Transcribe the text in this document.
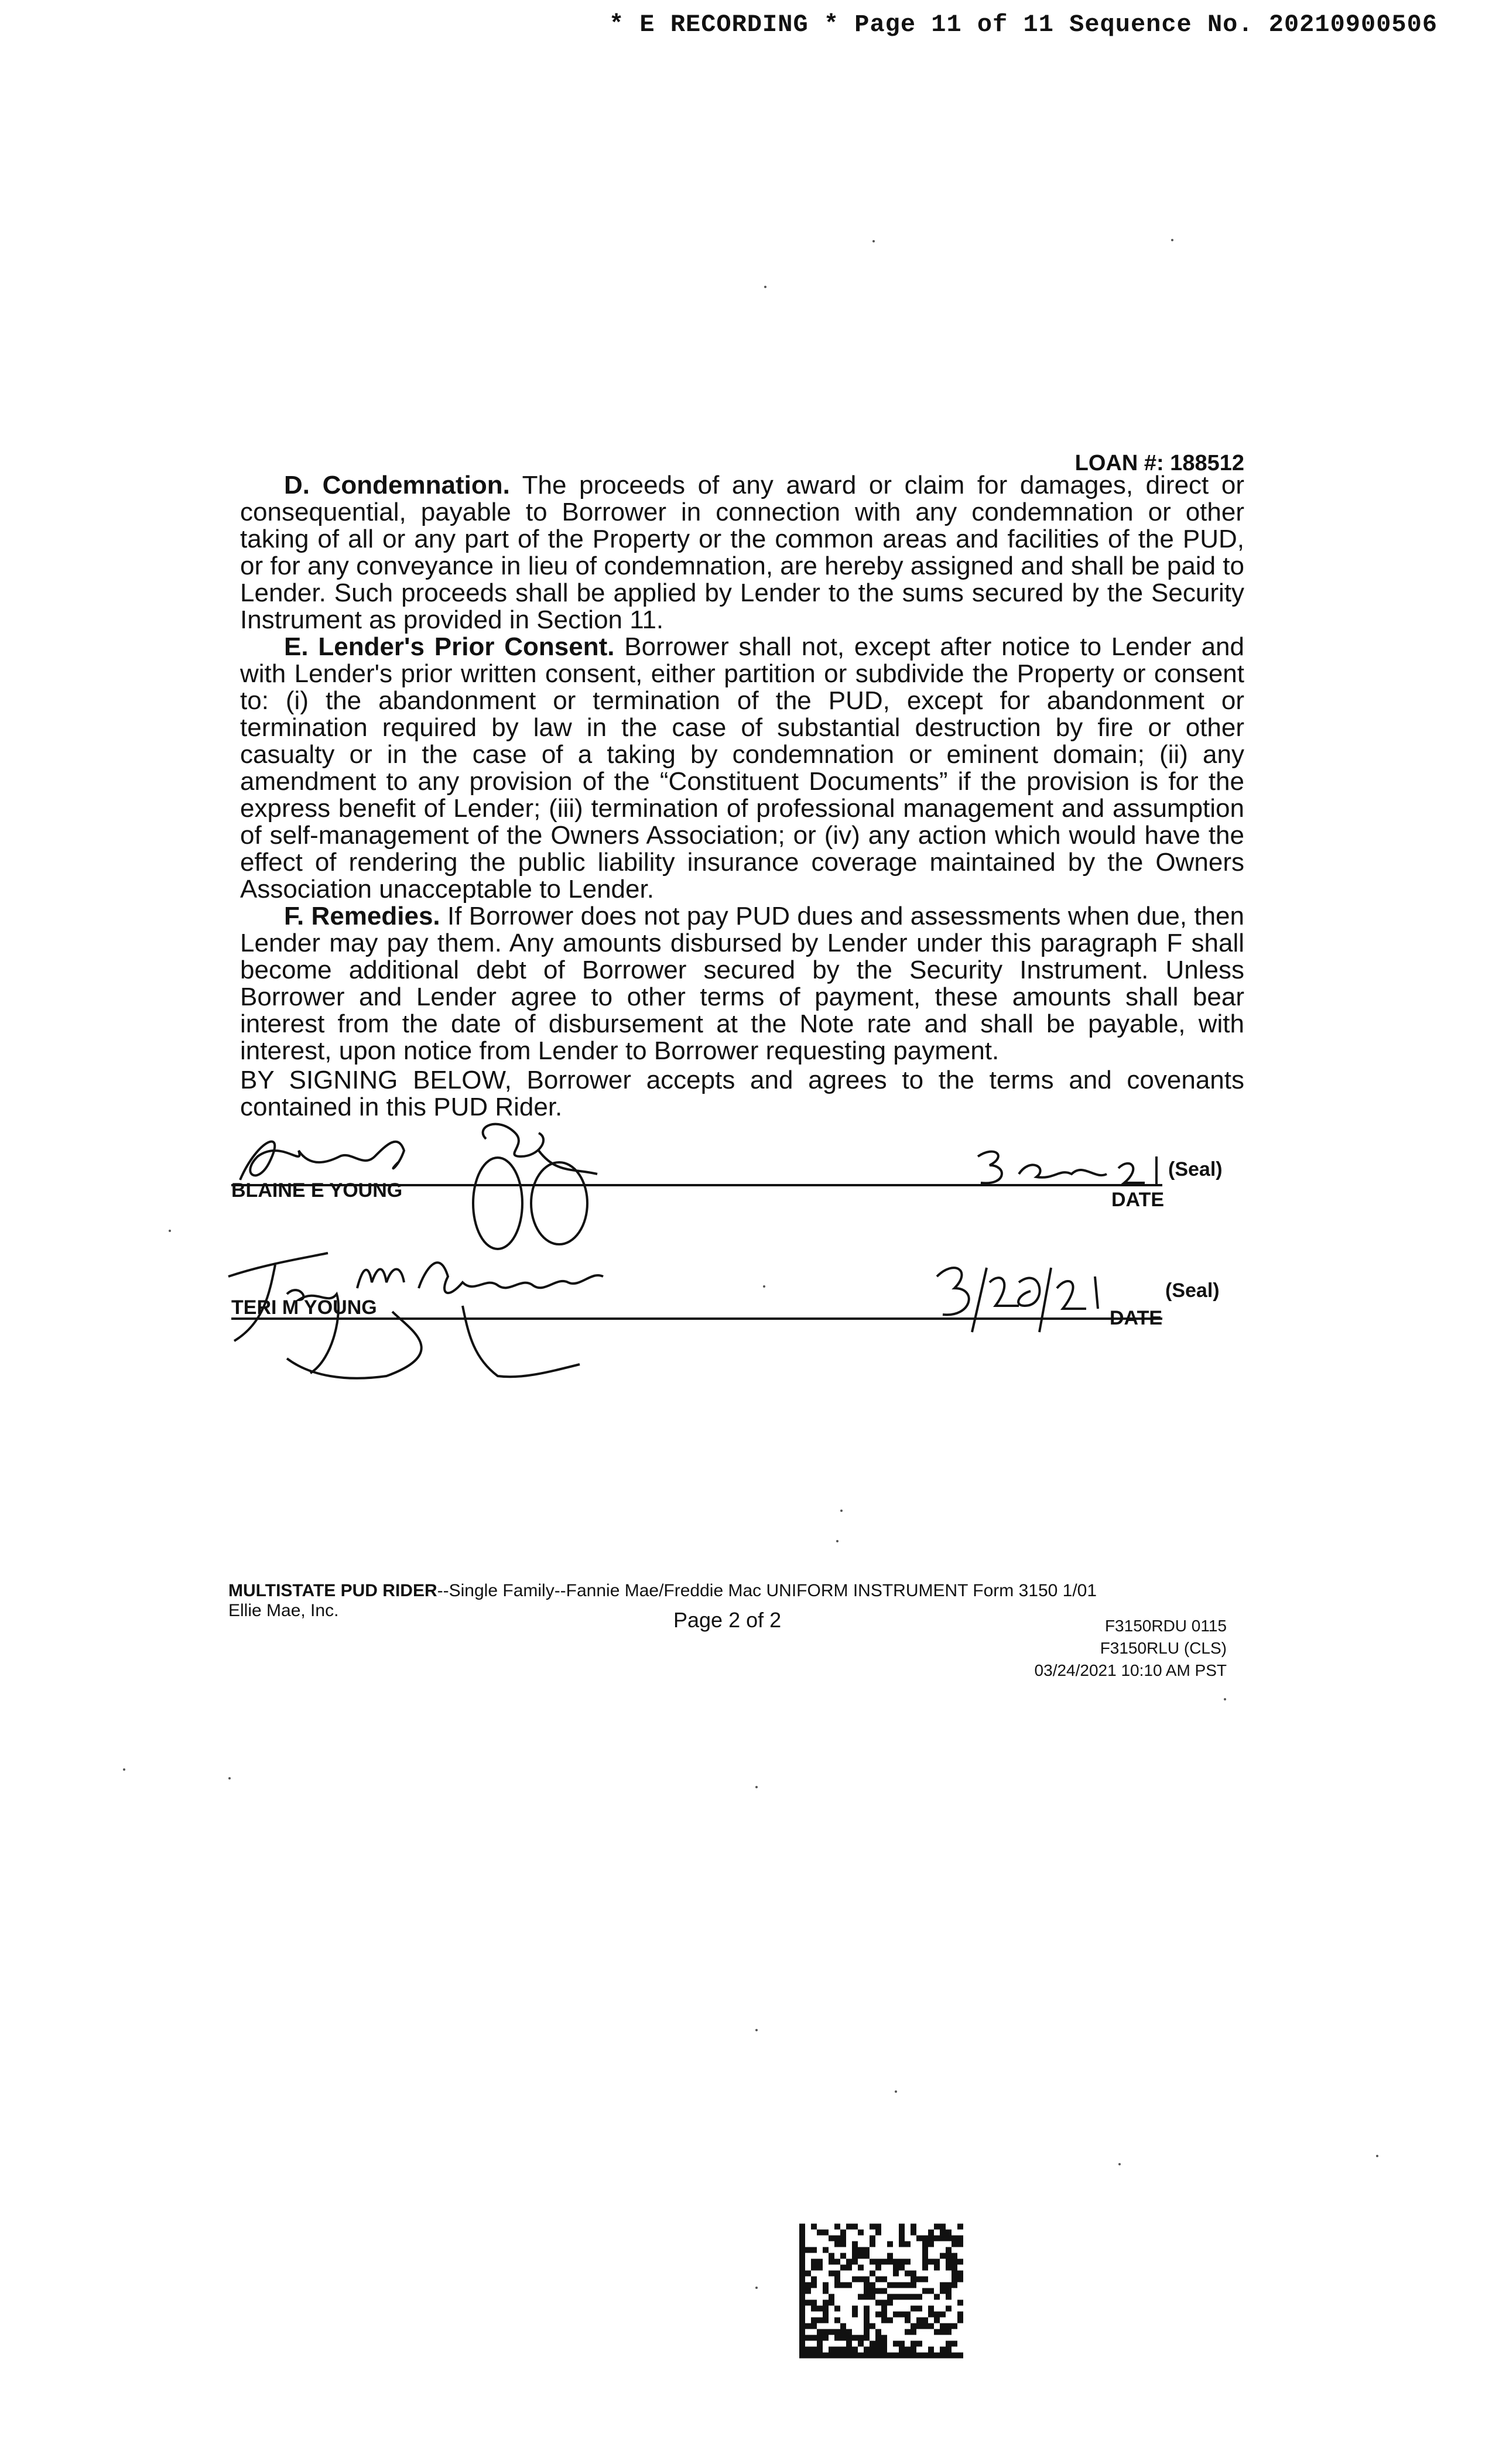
* E RECORDING * Page 11 of 11 Sequence No. 20210900506
LOAN #: 188512

D. Condemnation. The proceeds of any award or claim for damages, direct or consequential, payable to Borrower in connection with any condemnation or other taking of all or any part of the Property or the common areas and facilities of the PUD, or for any conveyance in lieu of condemnation, are hereby assigned and shall be paid to Lender. Such proceeds shall be applied by Lender to the sums secured by the Security Instrument as provided in Section 11.

E. Lender's Prior Consent. Borrower shall not, except after notice to Lender and with Lender's prior written consent, either partition or subdivide the Property or consent to: (i) the abandonment or termination of the PUD, except for abandonment or termination required by law in the case of substantial destruction by fire or other casualty or in the case of a taking by condemnation or eminent domain; (ii) any amendment to any provision of the “Constituent Documents” if the provision is for the express benefit of Lender; (iii) termination of professional management and assumption of self-management of the Owners Association; or (iv) any action which would have the effect of rendering the public liability insurance coverage maintained by the Owners Association unacceptable to Lender.

F. Remedies. If Borrower does not pay PUD dues and assessments when due, then Lender may pay them. Any amounts disbursed by Lender under this paragraph F shall become additional debt of Borrower secured by the Security Instrument. Unless Borrower and Lender agree to other terms of payment, these amounts shall bear interest from the date of disbursement at the Note rate and shall be payable, with interest, upon notice from Lender to Borrower requesting payment.

BY SIGNING BELOW, Borrower accepts and agrees to the terms and covenants contained in this PUD Rider.
BLAINE E YOUNG	DATE
(Seal)
TERI M YOUNG	DATE
(Seal)
MULTISTATE PUD RIDER--Single Family--Fannie Mae/Freddie Mac UNIFORM INSTRUMENT Form 3150 1/01
Ellie Mae, Inc.	Page 2 of 2	F3150RDU 0115
F3150RLU (CLS)
03/24/2021 10:10 AM PST
